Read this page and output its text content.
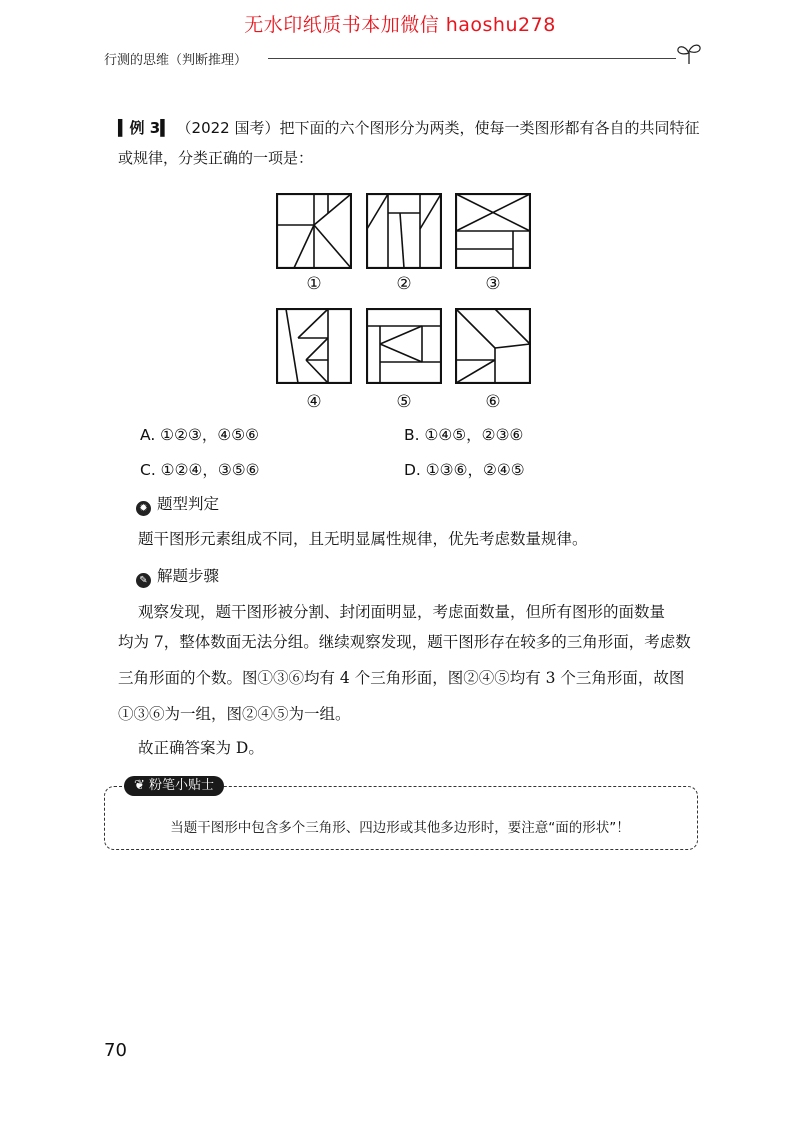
无水印纸质书本加微信 haoshu278
行测的思维（判断推理）
▍例 3▍ （2022 国考）把下面的六个图形分为两类，使每一类图形都有各自的共同特征或规律，分类正确的一项是：
①	②	③
④	⑤	⑥
A. ①②③，④⑤⑥	B. ①④⑤，②③⑥
C. ①②④，③⑤⑥	D. ①③⑥，②④⑤
✹ 题型判定
题干图形元素组成不同，且无明显属性规律，优先考虑数量规律。
✎ 解题步骤
观察发现，题干图形被分割、封闭面明显，考虑面数量，但所有图形的面数量
均为 7，整体数面无法分组。继续观察发现，题干图形存在较多的三角形面，考虑数
三角形面的个数。图①③⑥均有 4 个三角形面，图②④⑤均有 3 个三角形面，故图
①③⑥为一组，图②④⑤为一组。
故正确答案为 D。
❦ 粉笔小贴士
当题干图形中包含多个三角形、四边形或其他多边形时，要注意“面的形状”！
70
